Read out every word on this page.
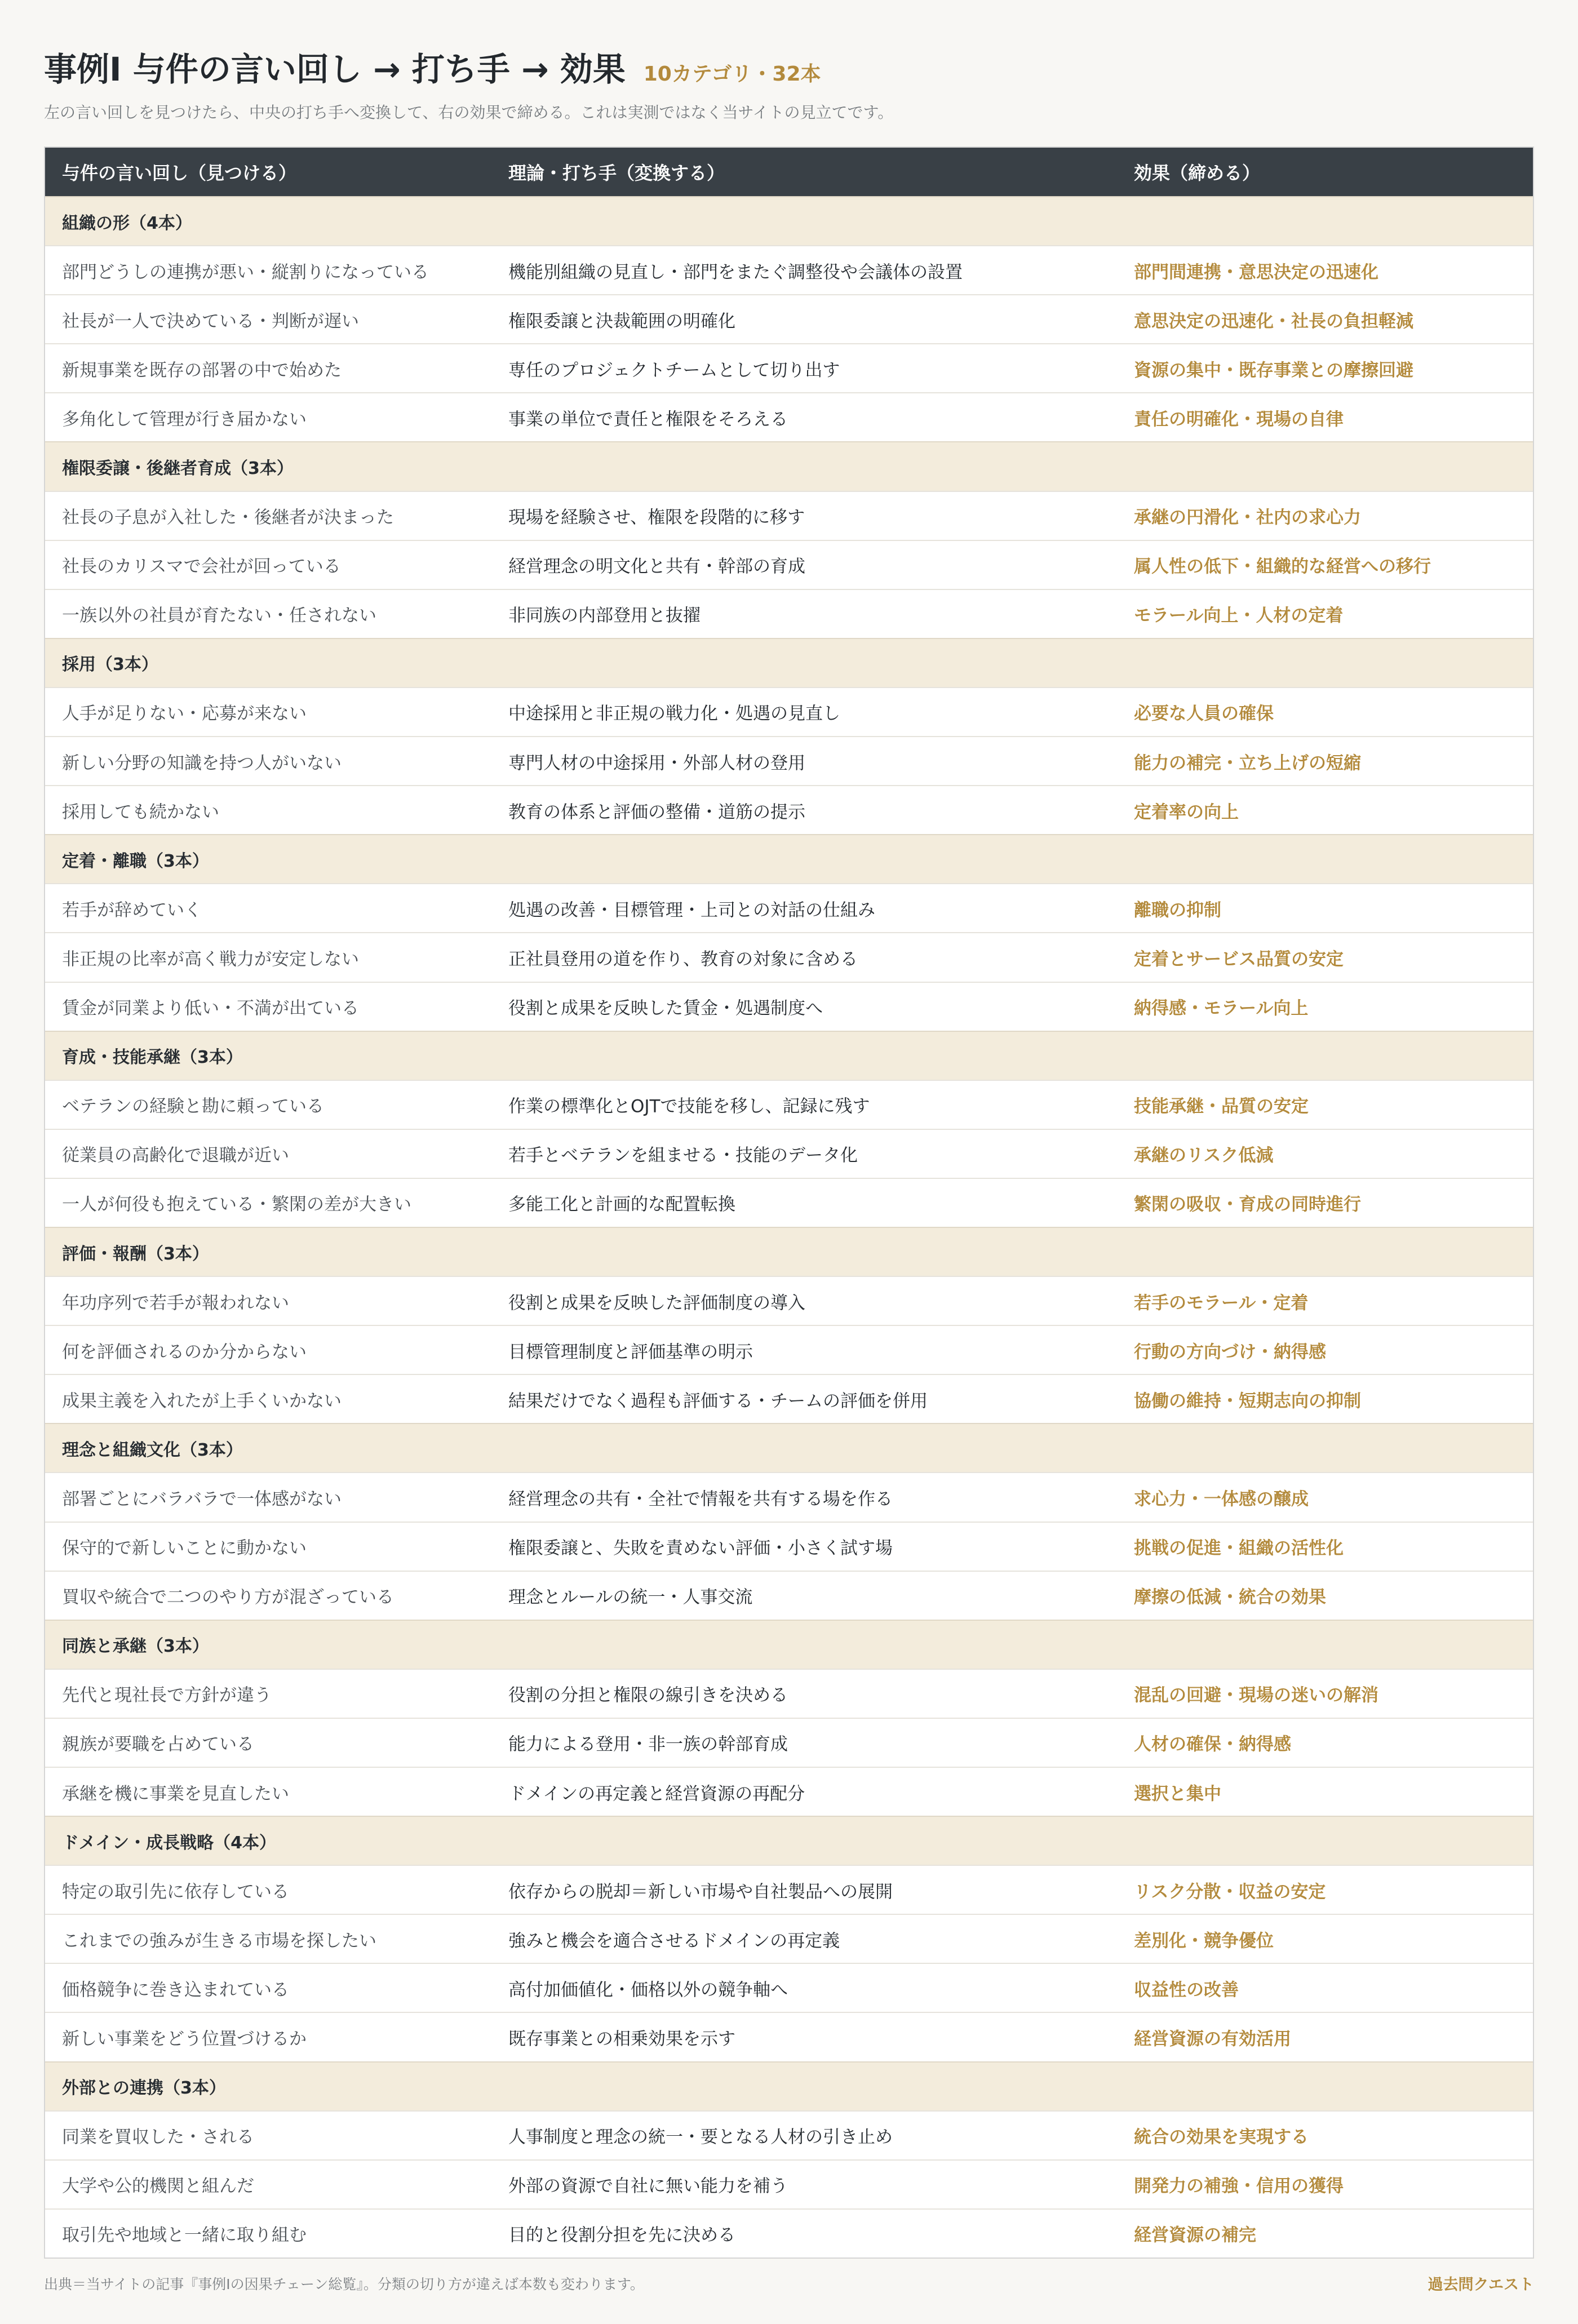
事例Ⅰ 与件の言い回し → 打ち手 → 効果 10カテゴリ・32本
左の言い回しを見つけたら、中央の打ち手へ変換して、右の効果で締める。これは実測ではなく当サイトの見立てです。
与件の言い回し（見つける）	理論・打ち手（変換する）	効果（締める）
組織の形（4本）
部門どうしの連携が悪い・縦割りになっている	機能別組織の見直し・部門をまたぐ調整役や会議体の設置	部門間連携・意思決定の迅速化
社長が一人で決めている・判断が遅い	権限委譲と決裁範囲の明確化	意思決定の迅速化・社長の負担軽減
新規事業を既存の部署の中で始めた	専任のプロジェクトチームとして切り出す	資源の集中・既存事業との摩擦回避
多角化して管理が行き届かない	事業の単位で責任と権限をそろえる	責任の明確化・現場の自律
権限委譲・後継者育成（3本）
社長の子息が入社した・後継者が決まった	現場を経験させ、権限を段階的に移す	承継の円滑化・社内の求心力
社長のカリスマで会社が回っている	経営理念の明文化と共有・幹部の育成	属人性の低下・組織的な経営への移行
一族以外の社員が育たない・任されない	非同族の内部登用と抜擢	モラール向上・人材の定着
採用（3本）
人手が足りない・応募が来ない	中途採用と非正規の戦力化・処遇の見直し	必要な人員の確保
新しい分野の知識を持つ人がいない	専門人材の中途採用・外部人材の登用	能力の補完・立ち上げの短縮
採用しても続かない	教育の体系と評価の整備・道筋の提示	定着率の向上
定着・離職（3本）
若手が辞めていく	処遇の改善・目標管理・上司との対話の仕組み	離職の抑制
非正規の比率が高く戦力が安定しない	正社員登用の道を作り、教育の対象に含める	定着とサービス品質の安定
賃金が同業より低い・不満が出ている	役割と成果を反映した賃金・処遇制度へ	納得感・モラール向上
育成・技能承継（3本）
ベテランの経験と勘に頼っている	作業の標準化とOJTで技能を移し、記録に残す	技能承継・品質の安定
従業員の高齢化で退職が近い	若手とベテランを組ませる・技能のデータ化	承継のリスク低減
一人が何役も抱えている・繁閑の差が大きい	多能工化と計画的な配置転換	繁閑の吸収・育成の同時進行
評価・報酬（3本）
年功序列で若手が報われない	役割と成果を反映した評価制度の導入	若手のモラール・定着
何を評価されるのか分からない	目標管理制度と評価基準の明示	行動の方向づけ・納得感
成果主義を入れたが上手くいかない	結果だけでなく過程も評価する・チームの評価を併用	協働の維持・短期志向の抑制
理念と組織文化（3本）
部署ごとにバラバラで一体感がない	経営理念の共有・全社で情報を共有する場を作る	求心力・一体感の醸成
保守的で新しいことに動かない	権限委譲と、失敗を責めない評価・小さく試す場	挑戦の促進・組織の活性化
買収や統合で二つのやり方が混ざっている	理念とルールの統一・人事交流	摩擦の低減・統合の効果
同族と承継（3本）
先代と現社長で方針が違う	役割の分担と権限の線引きを決める	混乱の回避・現場の迷いの解消
親族が要職を占めている	能力による登用・非一族の幹部育成	人材の確保・納得感
承継を機に事業を見直したい	ドメインの再定義と経営資源の再配分	選択と集中
ドメイン・成長戦略（4本）
特定の取引先に依存している	依存からの脱却＝新しい市場や自社製品への展開	リスク分散・収益の安定
これまでの強みが生きる市場を探したい	強みと機会を適合させるドメインの再定義	差別化・競争優位
価格競争に巻き込まれている	高付加価値化・価格以外の競争軸へ	収益性の改善
新しい事業をどう位置づけるか	既存事業との相乗効果を示す	経営資源の有効活用
外部との連携（3本）
同業を買収した・される	人事制度と理念の統一・要となる人材の引き止め	統合の効果を実現する
大学や公的機関と組んだ	外部の資源で自社に無い能力を補う	開発力の補強・信用の獲得
取引先や地域と一緒に取り組む	目的と役割分担を先に決める	経営資源の補完
出典＝当サイトの記事『事例Ⅰの因果チェーン総覧』。分類の切り方が違えば本数も変わります。	過去問クエスト
